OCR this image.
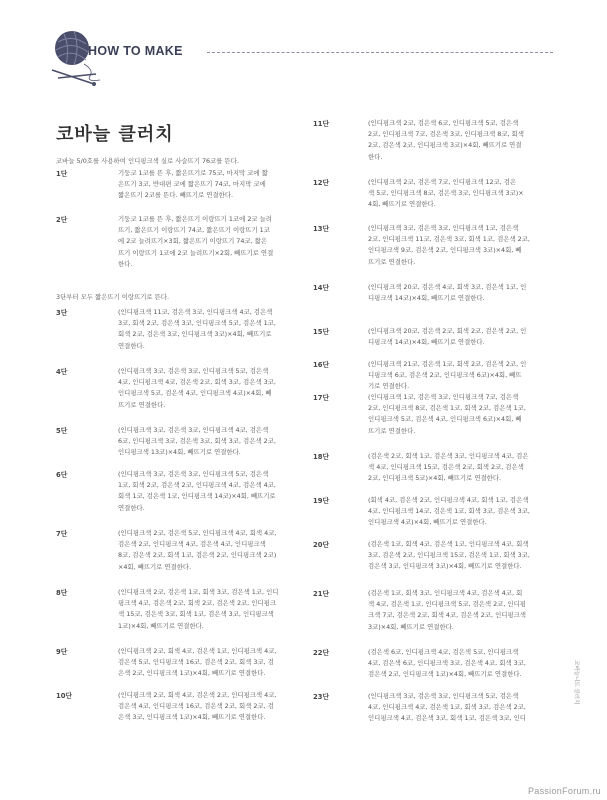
HOW TO MAKE
코바늘 클러치
코바늘 5/0호를 사용하여 인디핑크색 실로 사슬뜨기 76코를 뜬다.
3단부터 모두 짧은뜨기 이랑뜨기로 뜬다.
1단	기둥코 1코를 뜬 후, 짧은뜨기로 75코, 마지막 코에 짧
은뜨기 3코, 반대편 코에 짧은뜨기 74코, 마지막 코에
짧은뜨기 2코를 뜬다. 빼뜨기로 연결한다.
2단	기둥코 1코를 뜬 후, 짧은뜨기 이랑뜨기 1코에 2코 늘려
뜨기, 짧은뜨기 이랑뜨기 74코, 짧은뜨기 이랑뜨기 1코
에 2코 늘려뜨기×3회, 짧은뜨기 이랑뜨기 74코, 짧은
뜨기 이랑뜨기 1코에 2코 늘려뜨기×2회, 빼뜨기로 연결
한다.
3단	(인디핑크색 11코, 검은색 3코, 인디핑크색 4코, 검은색
3코, 회색 2코, 검은색 3코, 인디핑크색 5코, 검은색 1코,
회색 2코, 검은색 3코, 인디핑크색 3코)×4회, 빼뜨기로
연결한다.
4단	(인디핑크색 3코, 검은색 3코, 인디핑크색 5코, 검은색
4코, 인디핑크색 4코, 검은색 2코, 회색 3코, 검은색 3코,
인디핑크색 5코, 검은색 4코, 인디핑크색 4코)×4회, 빼
뜨기로 연결한다.
5단	(인디핑크색 3코, 검은색 3코, 인디핑크색 4코, 검은색
6코, 인디핑크색 3코, 검은색 3코, 회색 3코, 검은색 2코,
인디핑크색 13코)×4회, 빼뜨기로 연결한다.
6단	(인디핑크색 3코, 검은색 3코, 인디핑크색 5코, 검은색
1코, 회색 2코, 검은색 2코, 인디핑크색 4코, 검은색 4코,
회색 1코, 검은색 1코, 인디핑크색 14코)×4회, 빼뜨기로
연결한다.
7단	(인디핑크색 2코, 검은색 5코, 인디핑크색 4코, 회색 4코,
검은색 2코, 인디핑크색 4코, 검은색 4코, 인디핑크색
8코, 검은색 2코, 회색 1코, 검은색 2코, 인디핑크색 2코)
×4회, 빼뜨기로 연결한다.
8단	(인디핑크색 2코, 검은색 1코, 회색 3코, 검은색 1코, 인디
핑크색 4코, 검은색 2코, 회색 2코, 검은색 2코, 인디핑크
색 15코, 검은색 3코, 회색 1코, 검은색 3코, 인디핑크색
1코)×4회, 빼뜨기로 연결한다.
9단	(인디핑크색 2코, 회색 4코, 검은색 1코, 인디핑크색 4코,
검은색 5코, 인디핑크색 16코, 검은색 2코, 회색 3코, 검
은색 2코, 인디핑크색 1코)×4회, 빼뜨기로 연결한다.
10단	(인디핑크색 2코, 회색 4코, 검은색 2코, 인디핑크색 4코,
검은색 4코, 인디핑크색 16코, 검은색 2코, 회색 2코, 검
은색 3코, 인디핑크색 1코)×4회, 빼뜨기로 연결한다.
11단	(인디핑크색 2코, 검은색 6코, 인디핑크색 5코, 검은색
2코, 인디핑크색 7코, 검은색 3코, 인디핑크색 8코, 회색
2코, 검은색 2코, 인디핑크색 3코)×4회, 빼뜨기로 연결
한다.
12단	(인디핑크색 2코, 검은색 7코, 인디핑크색 12코, 검은
색 5코, 인디핑크색 8코, 검은색 3코, 인디핑크색 3코)×
4회, 빼뜨기로 연결한다.
13단	(인디핑크색 3코, 검은색 3코, 인디핑크색 1코, 검은색
2코, 인디핑크색 11코, 검은색 3코, 회색 1코, 검은색 2코,
인디핑크색 9코, 검은색 2코, 인디핑크색 3코)×4회, 빼
뜨기로 연결한다.
14단	(인디핑크색 20코, 검은색 4코, 회색 3코, 검은색 1코, 인
디핑크색 14코)×4회, 빼뜨기로 연결한다.
15단	(인디핑크색 20코, 검은색 2코, 회색 2코, 검은색 2코, 인
디핑크색 14코)×4회, 빼뜨기로 연결한다.
16단	(인디핑크색 21코, 검은색 1코, 회색 2코, 검은색 2코, 인
디핑크색 6코, 검은색 2코, 인디핑크색 6코)×4회, 빼뜨
기로 연결한다.
17단	(인디핑크색 1코, 검은색 3코, 인디핑크색 7코, 검은색
2코, 인디핑크색 8코, 검은색 1코, 회색 2코, 검은색 1코,
인디핑크색 5코, 검은색 4코, 인디핑크색 6코)×4회, 빼
뜨기로 연결한다.
18단	(검은색 2코, 회색 1코, 검은색 3코, 인디핑크색 4코, 검은
색 4코, 인디핑크색 15코, 검은색 2코, 회색 2코, 검은색
2코, 인디핑크색 5코)×4회, 빼뜨기로 연결한다.
19단	(회색 4코, 검은색 2코, 인디핑크색 4코, 회색 1코, 검은색
4코, 인디핑크색 14코, 검은색 1코, 회색 3코, 검은색 3코,
인디핑크색 4코)×4회, 빼뜨기로 연결한다.
20단	(검은색 1코, 회색 4코, 검은색 1코, 인디핑크색 4코, 회색
3코, 검은색 2코, 인디핑크색 15코, 검은색 1코, 회색 3코,
검은색 3코, 인디핑크색 3코)×4회, 빼뜨기로 연결한다.
21단	(검은색 1코, 회색 3코, 인디핑크색 4코, 검은색 4코, 회
색 4코, 검은색 1코, 인디핑크색 5코, 검은색 2코, 인디핑
크색 7코, 검은색 2코, 회색 4코, 검은색 2코, 인디핑크색
3코)×4회, 빼뜨기로 연결한다.
22단	(검은색 6코, 인디핑크색 4코, 검은색 5코, 인디핑크색
4코, 검은색 6코, 인디핑크색 3코, 검은색 4코, 회색 3코,
검은색 2코, 인디핑크색 1코)×4회, 빼뜨기로 연결한다.
23단	(인디핑크색 3코, 검은색 3코, 인디핑크색 5코, 검은색
4코, 인디핑크색 4코, 검은색 1코, 회색 3코, 검은색 2코,
인디핑크색 4코, 검은색 3코, 회색 1코, 검은색 3코, 인디
코바늘니트 클러치
PassionForum.ru
